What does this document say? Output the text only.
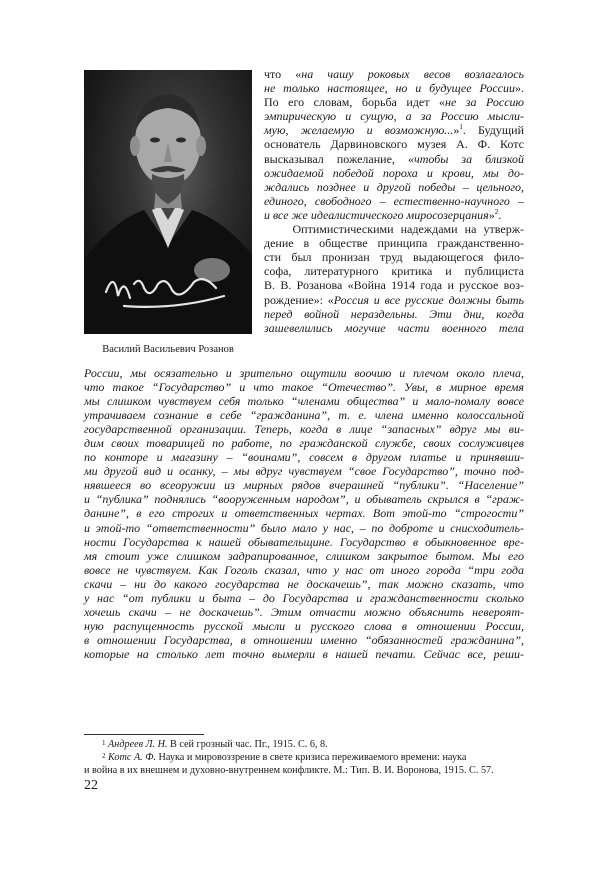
Василий Васильевич Розанов
что «на чашу роковых весов возлагалось
не только настоящее, но и будущее России».
По его словам, борьба идет «не за Россию
эмпирическую и сущую, а за Россию мысли-
мую, желаемую и возможную...»$^1$. Будущий
основатель Дарвиновского музея А. Ф. Котс
высказывал пожелание, «чтобы за близкой
ожидаемой победой пороха и крови, мы до-
ждались позднее и другой победы – цельного,
единого, свободного – естественно-научного –
и все же идеалистического миросозерцания»$^2$.
Оптимистическими надеждами на утверж-
дение в обществе принципа гражданственно-
сти был пронизан труд выдающегося фило-
софа, литературного критика и публициста
В. В. Розанова «Война 1914 года и русское воз-
рождение»: «Россия и все русские должны быть
перед войной нераздельны. Эти дни, когда
зашевелились могучие части военного тела
России, мы осязательно и зрительно ощутили воочию и плечом около плеча,
что такое “Государство” и что такое “Отечество”. Увы, в мирное время
мы слишком чувствуем себя только “членами общества” и мало-помалу вовсе
утрачиваем сознание в себе “гражданина”, т. е. члена именно колоссальной
государственной организации. Теперь, когда в лице “запасных” вдруг мы ви-
дим своих товарищей по работе, по гражданской службе, своих сослуживцев
по конторе и магазину – “воинами”, совсем в другом платье и принявши-
ми другой вид и осанку, – мы вдруг чувствуем “свое Государство”, точно под-
нявшееся во всеоружии из мирных рядов вчерашней “публики”. “Население”
и “публика” поднялись “вооруженным народом”, и обыватель скрылся в “граж-
данине”, в его строгих и ответственных чертах. Вот этой-то “строгости”
и этой-то “ответственности” было мало у нас, – по доброте и снисходитель-
ности Государства к нашей обывательщине. Государство в обыкновенное вре-
мя стоит уже слишком задрапированное, слишком закрытое бытом. Мы его
вовсе не чувствуем. Как Гоголь сказал, что у нас от иного города “три года
скачи – ни до какого государства не доскачешь”, так можно сказать, что
у нас “от публики и быта – до Государства и гражданственности сколько
хочешь скачи – не доскачешь”. Этим отчасти можно объяснить невероят-
ную распущенность русской мысли и русского слова в отношении России,
в отношении Государства, в отношении именно “обязанностей гражданина”,
которые на столько лет точно вымерли в нашей печати. Сейчас все, реши-
$^1$ Андреев Л. Н. В сей грозный час. Пг., 1915. С. 6, 8.
$^2$ Котс А. Ф. Наука и мировоззрение в свете кризиса переживаемого времени: наука
и война в их внешнем и духовно-внутреннем конфликте. М.: Тип. В. И. Воронова, 1915. С. 57.
22
